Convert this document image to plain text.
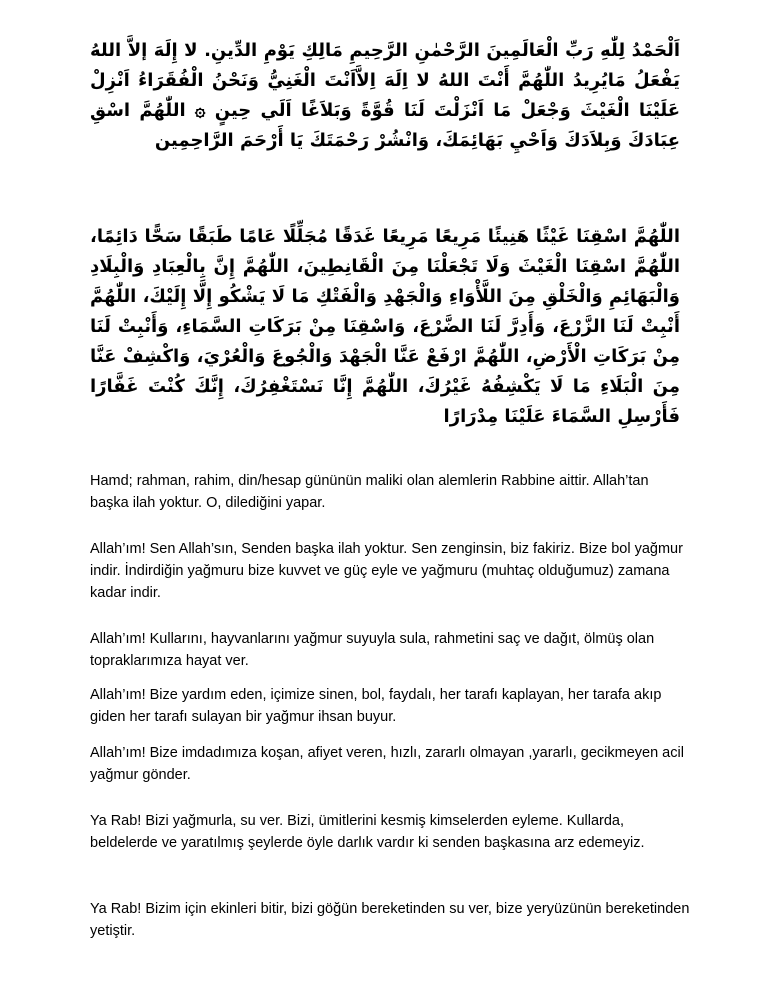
اَلْحَمْدُ لِلّٰهِ رَبِّ الْعَالَمِينَ الرَّحْمٰنِ الرَّحِيمِ مَالِكِ يَوْمِ الدِّينِ. لا إِلَهَ إلاَّ اللهُ يَفْعَلُ مَايُرِيدُ اللّٰهُمَّ أَنْتَ اللهُ لا اِلَهَ اِلاَّاَنْتَ الْغَنِيُّ وَنَحْنُ الْفُقَرَاءُ اَنْزِلْ عَلَيْنَا الْغَيْثَ وَجْعَلْ مَا اَنْزَلْتَ لَنَا قُوَّةً وَبَلاَغًا اَلَي حِينٍ ۞ اللّٰهُمَّ اسْقِ عِبَادَكَ وَبِلاَدَكَ وَاَحْيِ بَهَائِمَكَ، وَانْشُرْ رَحْمَتَكَ يَا أَرْحَمَ الرَّاحِمِين

اللّٰهُمَّ اسْقِنَا غَيْثًا هَنِيئًا مَرِيعًا مَرِيعًا غَدَقًا مُجَلِّلًا عَامًا طَبَقًا سَحًّا دَائِمًا، اللّٰهُمَّ اسْقِنَا الْغَيْثَ وَلَا تَجْعَلْنَا مِنَ الْقَانِطِينَ، اللّٰهُمَّ إِنَّ بِالْعِبَادِ وَالْبِلَادِ وَالْبَهَائِمِ وَالْخَلْقِ مِنَ اللَّأْوَاءِ وَالْجَهْدِ وَالْفَتْكِ مَا لَا يَشْكُو إِلَّا إِلَيْكَ، اللّٰهُمَّ أَنْبِتْ لَنَا الزَّرْعَ، وَأَدِرَّ لَنَا الضَّرْعَ، وَاسْقِنَا مِنْ بَرَكَاتِ السَّمَاءِ، وَأَنْبِتْ لَنَا مِنْ بَرَكَاتِ الْأَرْضِ، اللّٰهُمَّ ارْفَعْ عَنَّا الْجَهْدَ وَالْجُوعَ وَالْعُرْيَ، وَاكْشِفْ عَنَّا مِنَ الْبَلَاءِ مَا لَا يَكْشِفُهُ غَيْرُكَ، اللّٰهُمَّ إِنَّا نَسْتَغْفِرُكَ، إِنَّكَ كُنْتَ غَفَّارًا فَأَرْسِلِ السَّمَاءَ عَلَيْنَا مِدْرَارًا

Hamd; rahman, rahim, din/hesap gününün maliki olan alemlerin Rabbine aittir. Allah’tan başka ilah yoktur. O, dilediğini yapar.

Allah’ım! Sen Allah’sın, Senden başka ilah yoktur. Sen zenginsin, biz fakiriz. Bize bol yağmur indir. İndirdiğin yağmuru bize kuvvet ve güç eyle ve yağmuru (muhtaç olduğumuz) zamana kadar indir.

Allah’ım! Kullarını, hayvanlarını yağmur suyuyla sula, rahmetini saç ve dağıt, ölmüş olan topraklarımıza hayat ver.

Allah’ım! Bize yardım eden, içimize sinen, bol, faydalı, her tarafı kaplayan, her tarafa akıp giden her tarafı sulayan bir yağmur ihsan buyur.

Allah’ım! Bize imdadımıza koşan, afiyet veren, hızlı, zararlı olmayan ,yararlı, gecikmeyen acil yağmur gönder.

Ya Rab! Bizi yağmurla, su ver. Bizi, ümitlerini kesmiş kimselerden eyleme. Kullarda, beldelerde ve yaratılmış şeylerde öyle darlık vardır ki senden başkasına arz edemeyiz.

Ya Rab! Bizim için ekinleri bitir, bizi göğün bereketinden su ver, bize yeryüzünün bereketinden yetiştir.
